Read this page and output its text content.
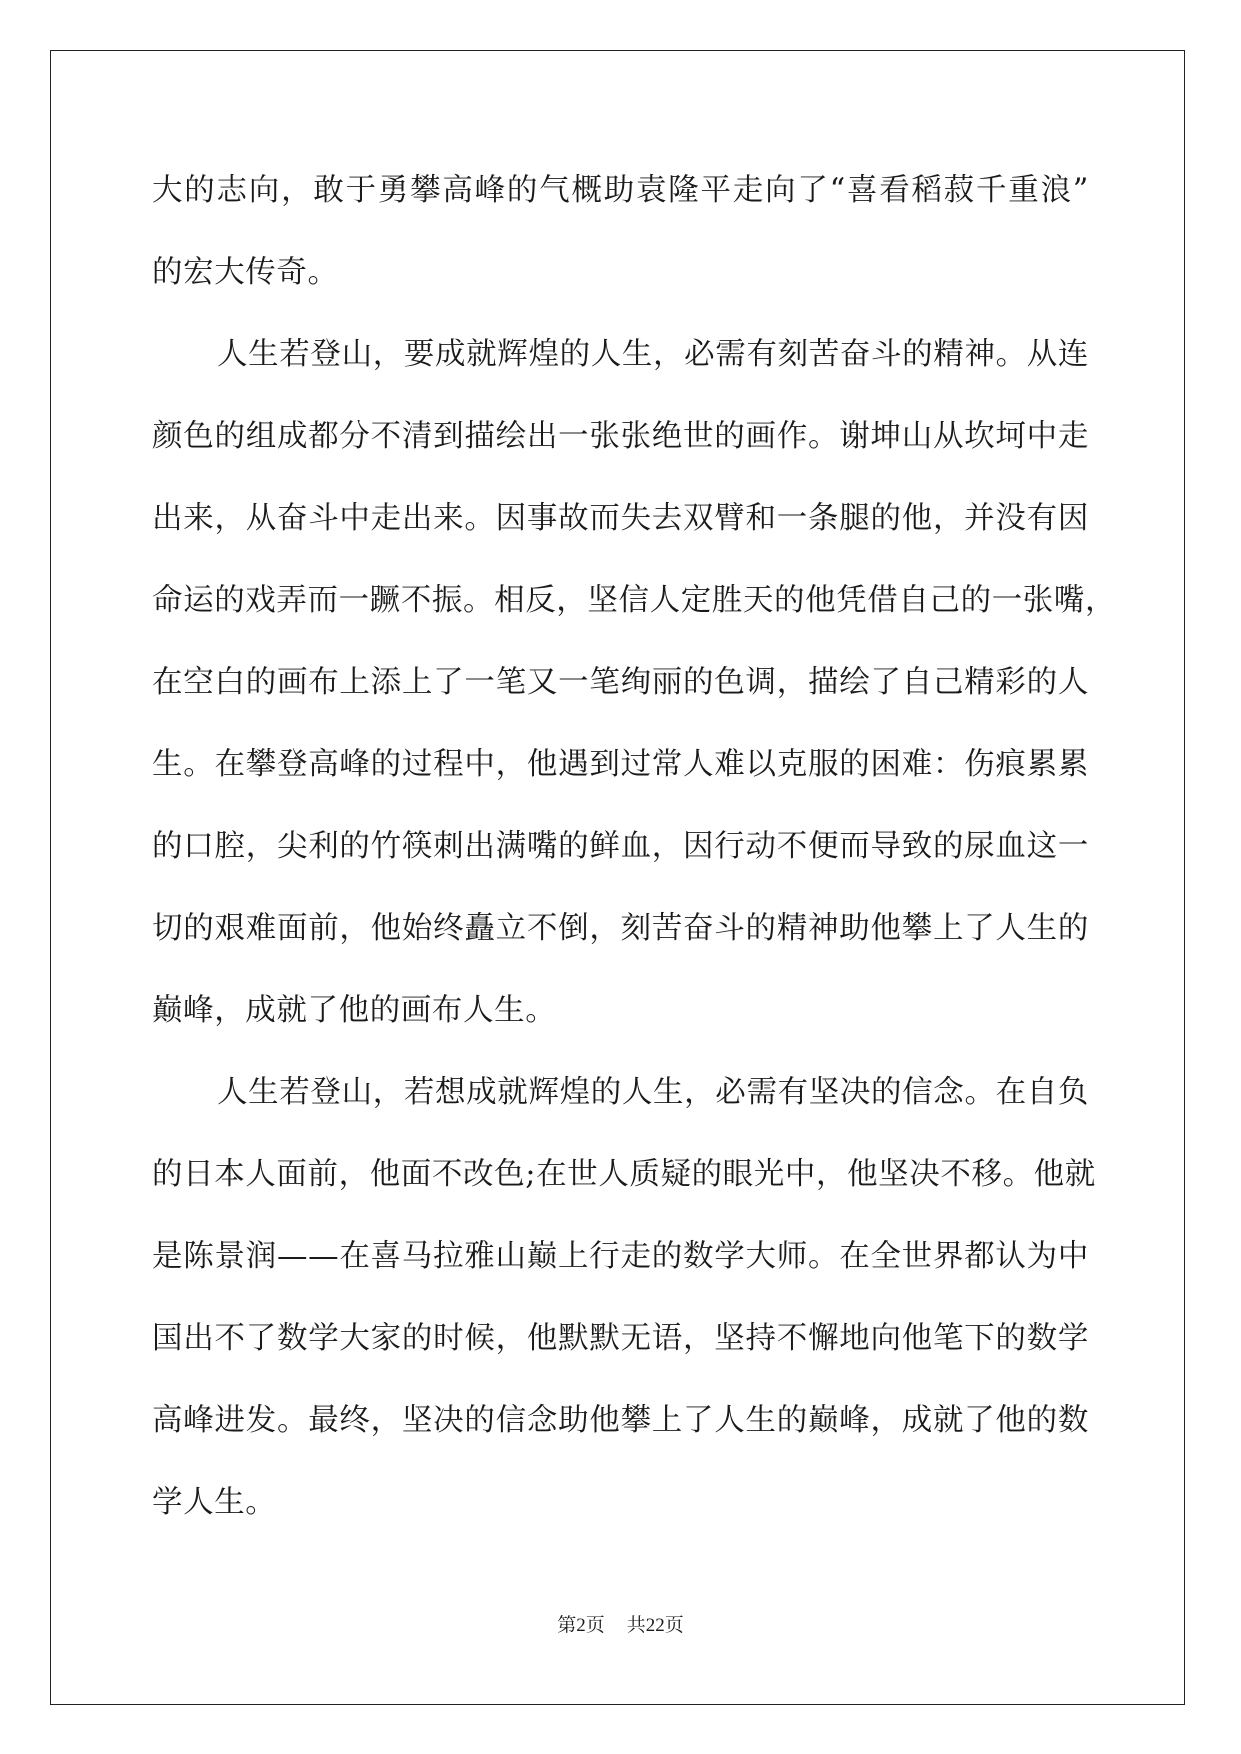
大的志向，敢于勇攀高峰的气概助袁隆平走向了“喜看稻菽千重浪”
的宏大传奇。
人生若登山，要成就辉煌的人生，必需有刻苦奋斗的精神。从连
颜色的组成都分不清到描绘出一张张绝世的画作。谢坤山从坎坷中走
出来，从奋斗中走出来。因事故而失去双臂和一条腿的他，并没有因
命运的戏弄而一蹶不振。相反，坚信人定胜天的他凭借自己的一张嘴，
在空白的画布上添上了一笔又一笔绚丽的色调，描绘了自己精彩的人
生。在攀登高峰的过程中，他遇到过常人难以克服的困难：伤痕累累
的口腔，尖利的竹筷刺出满嘴的鲜血，因行动不便而导致的尿血这一
切的艰难面前，他始终矗立不倒，刻苦奋斗的精神助他攀上了人生的
巅峰，成就了他的画布人生。
人生若登山，若想成就辉煌的人生，必需有坚决的信念。在自负
的日本人面前，他面不改色;在世人质疑的眼光中，他坚决不移。他就
是陈景润——在喜马拉雅山巅上行走的数学大师。在全世界都认为中
国出不了数学大家的时候，他默默无语，坚持不懈地向他笔下的数学
高峰进发。最终，坚决的信念助他攀上了人生的巅峰，成就了他的数
学人生。
第2页 共22页
